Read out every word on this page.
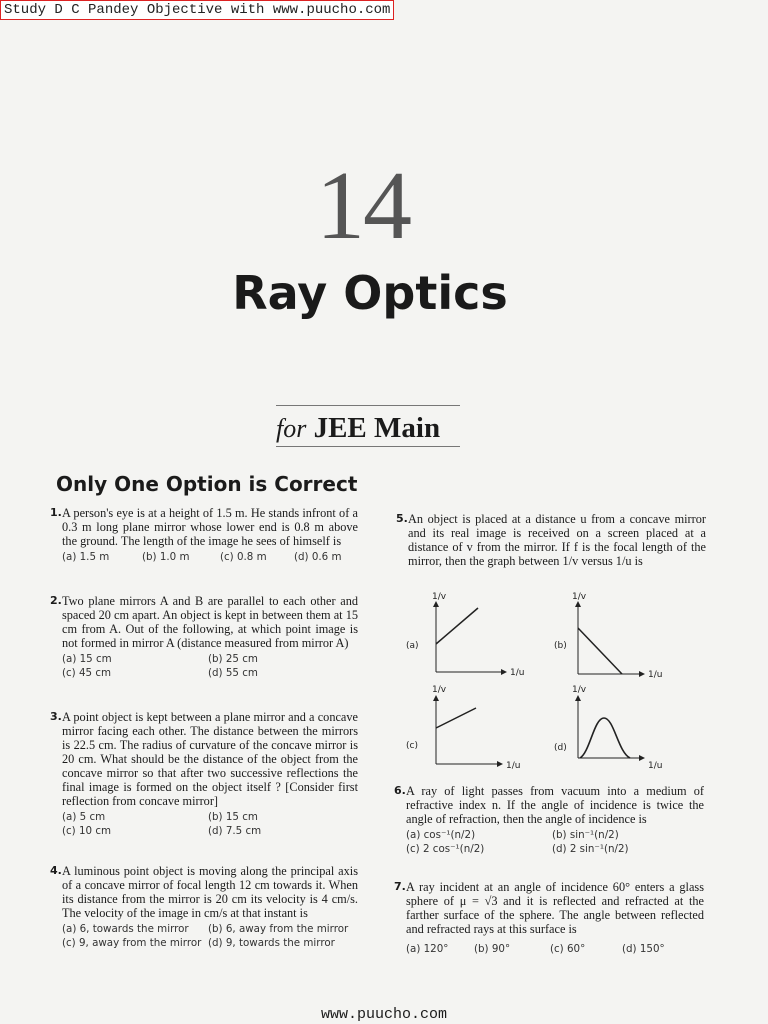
Study D C Pandey Objective with www.puucho.com
14
Ray Optics
for JEE Main
Only One Option is Correct
1. A person's eye is at a height of 1.5 m. He stands infront of a 0.3 m long plane mirror whose lower end is 0.8 m above the ground. The length of the image he sees of himself is
(a) 1.5 m	(b) 1.0 m	(c) 0.8 m	(d) 0.6 m
2. Two plane mirrors A and B are parallel to each other and spaced 20 cm apart. An object is kept in between them at 15 cm from A. Out of the following, at which point image is not formed in mirror A (distance measured from mirror A)
(a) 15 cm	(b) 25 cm
(c) 45 cm	(d) 55 cm
3. A point object is kept between a plane mirror and a concave mirror facing each other. The distance between the mirrors is 22.5 cm. The radius of curvature of the concave mirror is 20 cm. What should be the distance of the object from the concave mirror so that after two successive reflections the final image is formed on the object itself ? [Consider first reflection from concave mirror]
(a) 5 cm	(b) 15 cm
(c) 10 cm	(d) 7.5 cm
4. A luminous point object is moving along the principal axis of a concave mirror of focal length 12 cm towards it. When its distance from the mirror is 20 cm its velocity is 4 cm/s. The velocity of the image in cm/s at that instant is
(a) 6, towards the mirror	(b) 6, away from the mirror
(c) 9, away from the mirror (d) 9, towards the mirror
5. An object is placed at a distance u from a concave mirror and its real image is received on a screen placed at a distance of v from the mirror. If f is the focal length of the mirror, then the graph between 1/v versus 1/u is
(a)
1/v
1/u
(b)
1/v
1/u
(c)
1/v
1/u
(d)
1/v
1/u
6. A ray of light passes from vacuum into a medium of refractive index n. If the angle of incidence is twice the angle of refraction, then the angle of incidence is
(a) cos⁻¹(n/2)	(b) sin⁻¹(n/2)
(c) 2 cos⁻¹(n/2)	(d) 2 sin⁻¹(n/2)
7. A ray incident at an angle of incidence 60° enters a glass sphere of μ = √3 and it is reflected and refracted at the farther surface of the sphere. The angle between reflected and refracted rays at this surface is
(a) 120°	(b) 90°	(c) 60°	(d) 150°
www.puucho.com
